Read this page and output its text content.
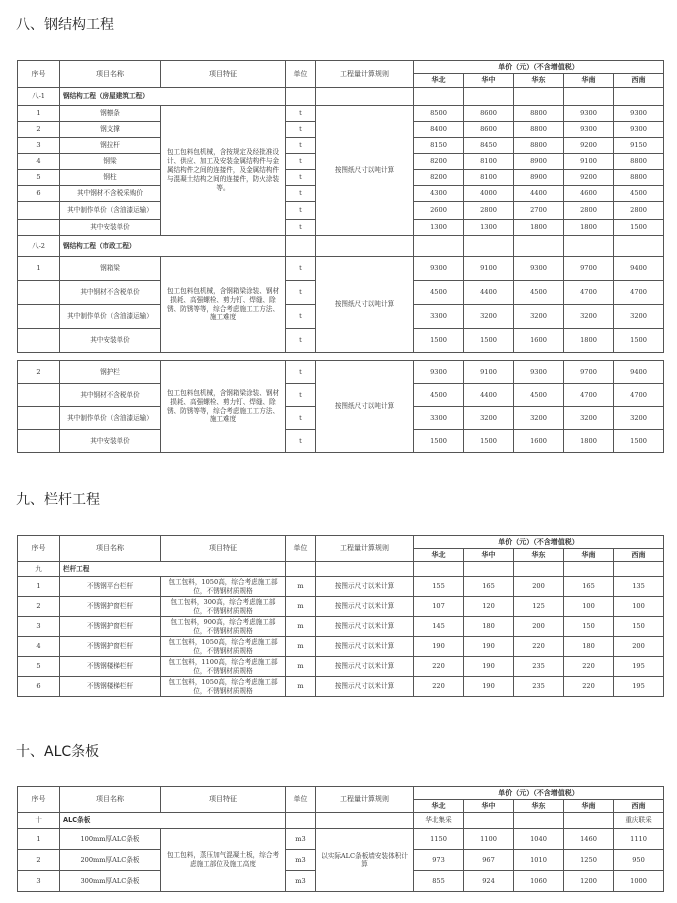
八、钢结构工程
序号	项目名称	项目特征	单位	工程量计算规则	单价（元）（不含增值税）				
					华北	华中	华东	华南	西南
八-1	钢结构工程（房屋建筑工程）								
1	钢檩条	包工包料包机械，含按规定及经批准设计、供应、加工及安装金属结构件与金属结构件之间的连接件，及金属结构件与混凝土结构之间的连接件，防火涂装等。	t	按图纸尺寸以吨计算	8500	8600	8800	9300	9300
2	钢支撑		t		8400	8600	8800	9300	9300
3	钢拉杆		t		8150	8450	8800	9200	9150
4	钢梁		t		8200	8100	8900	9100	8800
5	钢柱		t		8200	8100	8900	9200	8800
6	其中钢材不含税采购价		t		4300	4000	4400	4600	4500
	其中制作单价（含油漆运输）		t		2600	2800	2700	2800	2800
	其中安装单价		t		1300	1300	1800	1800	1500
八-2	钢结构工程（市政工程）								
1	钢箱梁	包工包料包机械，含钢箱梁涂装、钢材损耗、高强螺栓、剪力钉、焊缝、除锈、防锈等等，综合考虑施工工方法、施工难度	t	按图纸尺寸以吨计算	9300	9100	9300	9700	9400
	其中钢材不含税单价		t		4500	4400	4500	4700	4700
	其中制作单价（含油漆运输）		t		3300	3200	3200	3200	3200
	其中安装单价		t		1500	1500	1600	1800	1500

2	钢护栏	包工包料包机械，含钢箱梁涂装、钢材损耗、高强螺栓、剪力钉、焊缝、除锈、防锈等等，综合考虑施工工方法、施工难度	t	按图纸尺寸以吨计算	9300	9100	9300	9700	9400
	其中钢材不含税单价		t		4500	4400	4500	4700	4700
	其中制作单价（含油漆运输）		t		3300	3200	3200	3200	3200
	其中安装单价		t		1500	1500	1600	1800	1500
九、栏杆工程
序号	项目名称	项目特征	单位	工程量计算规则	单价（元）（不含增值税）				
					华北	华中	华东	华南	西南
九	栏杆工程								
1	不锈钢平台栏杆	包工包料，1050高，综合考虑施工部位，不锈钢材质规格	m	按图示尺寸以米计算	155	165	200	165	135
2	不锈钢护窗栏杆	包工包料，300高，综合考虑施工部位，不锈钢材质规格	m	按图示尺寸以米计算	107	120	125	100	100
3	不锈钢护窗栏杆	包工包料，900高，综合考虑施工部位，不锈钢材质规格	m	按图示尺寸以米计算	145	180	200	150	150
4	不锈钢护窗栏杆	包工包料，1050高，综合考虑施工部位，不锈钢材质规格	m	按图示尺寸以米计算	190	190	220	180	200
5	不锈钢楼梯栏杆	包工包料，1100高，综合考虑施工部位，不锈钢材质规格	m	按图示尺寸以米计算	220	190	235	220	195
6	不锈钢楼梯栏杆	包工包料，1050高，综合考虑施工部位，不锈钢材质规格	m	按图示尺寸以米计算	220	190	235	220	195
十、ALC条板
序号	项目名称	项目特征	单位	工程量计算规则	单价（元）（不含增值税）				
					华北	华中	华东	华南	西南
十	ALC条板				华北集采				重庆联采
1	100mm厚ALC条板	包工包料，蒸压加气混凝土板，综合考虑施工部位及施工高度	m3	以实际ALC条板墙安装体积计算	1150	1100	1040	1460	1110
2	200mm厚ALC条板		m3		973	967	1010	1250	950
3	300mm厚ALC条板		m3		855	924	1060	1200	1000
